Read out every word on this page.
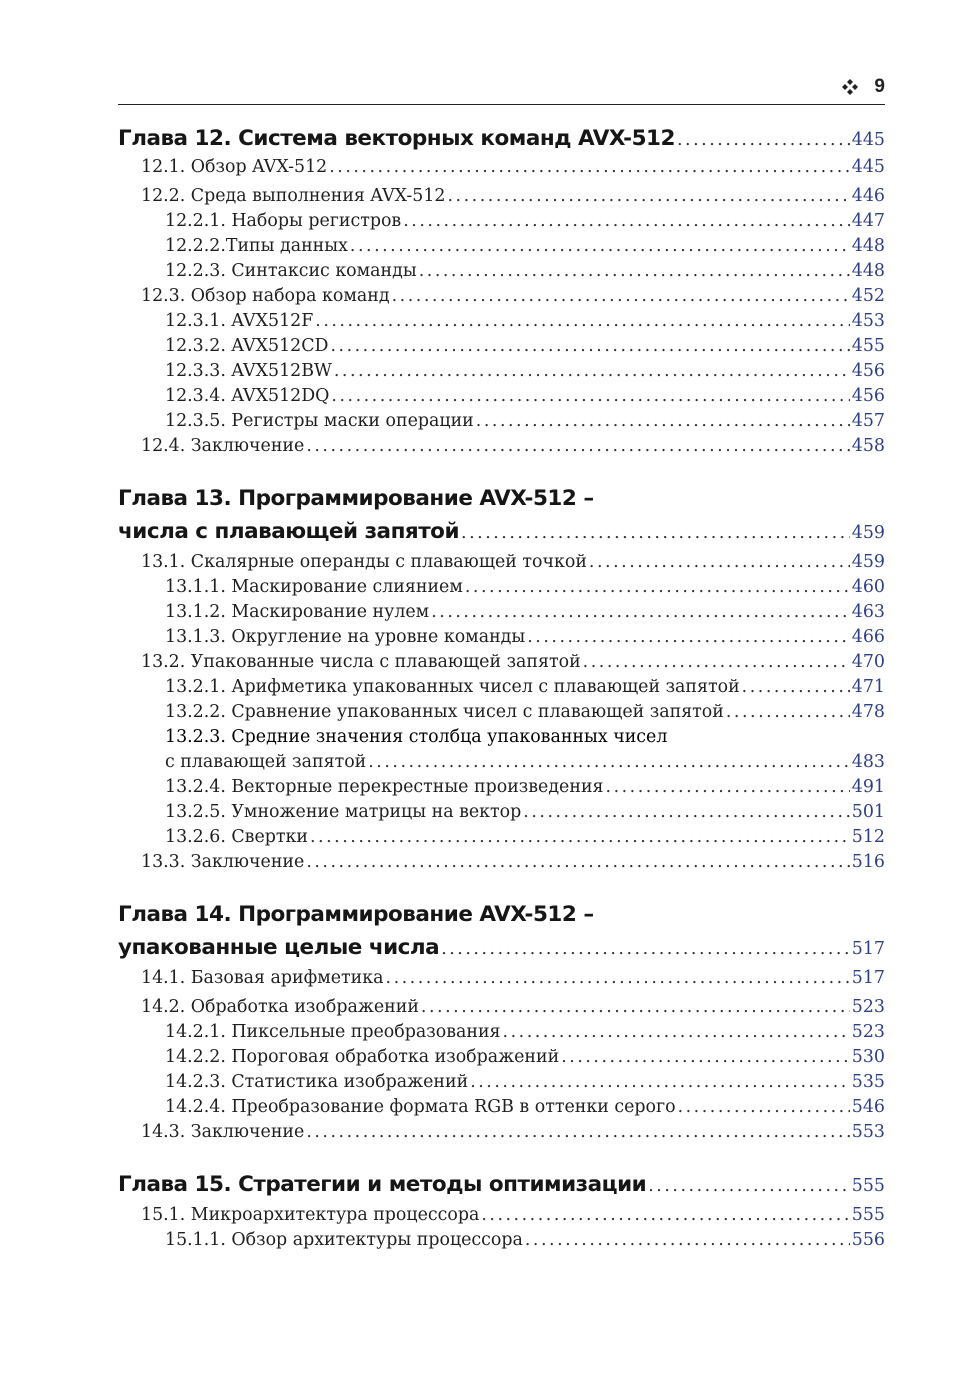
9
Глава 12. Система векторных команд AVX-512 . . .	445
12.1. Обзор AVX-512 . . .	445
12.2. Среда выполнения AVX-512 . . .	446
12.2.1. Наборы регистров . . .	447
12.2.2.Типы данных . . .	448
12.2.3. Синтаксис команды . . .	448
12.3. Обзор набора команд . . .	452
12.3.1. AVX512F . . .	453
12.3.2. AVX512CD . . .	455
12.3.3. AVX512BW . . .	456
12.3.4. AVX512DQ . . .	456
12.3.5. Регистры маски операции . . .	457
12.4. Заключение . . .	458
Глава 13. Программирование AVX-512 –
числа с плавающей запятой . . .	459
13.1. Скалярные операнды с плавающей точкой . . .	459
13.1.1. Маскирование слиянием . . .	460
13.1.2. Маскирование нулем . . .	463
13.1.3. Округление на уровне команды . . .	466
13.2. Упакованные числа с плавающей запятой . . .	470
13.2.1. Арифметика упакованных чисел с плавающей запятой . . .	471
13.2.2. Сравнение упакованных чисел с плавающей запятой . . .	478
13.2.3. Средние значения столбца упакованных чисел
с плавающей запятой . . .	483
13.2.4. Векторные перекрестные произведения . . .	491
13.2.5. Умножение матрицы на вектор . . .	501
13.2.6. Свертки . . .	512
13.3. Заключение . . .	516
Глава 14. Программирование AVX-512 –
упакованные целые числа . . .	517
14.1. Базовая арифметика . . .	517
14.2. Обработка изображений . . .	523
14.2.1. Пиксельные преобразования . . .	523
14.2.2. Пороговая обработка изображений . . .	530
14.2.3. Статистика изображений . . .	535
14.2.4. Преобразование формата RGB в оттенки серого . . .	546
14.3. Заключение . . .	553
Глава 15. Стратегии и методы оптимизации . . .	555
15.1. Микроархитектура процессора . . .	555
15.1.1. Обзор архитектуры процессора . . .	556
